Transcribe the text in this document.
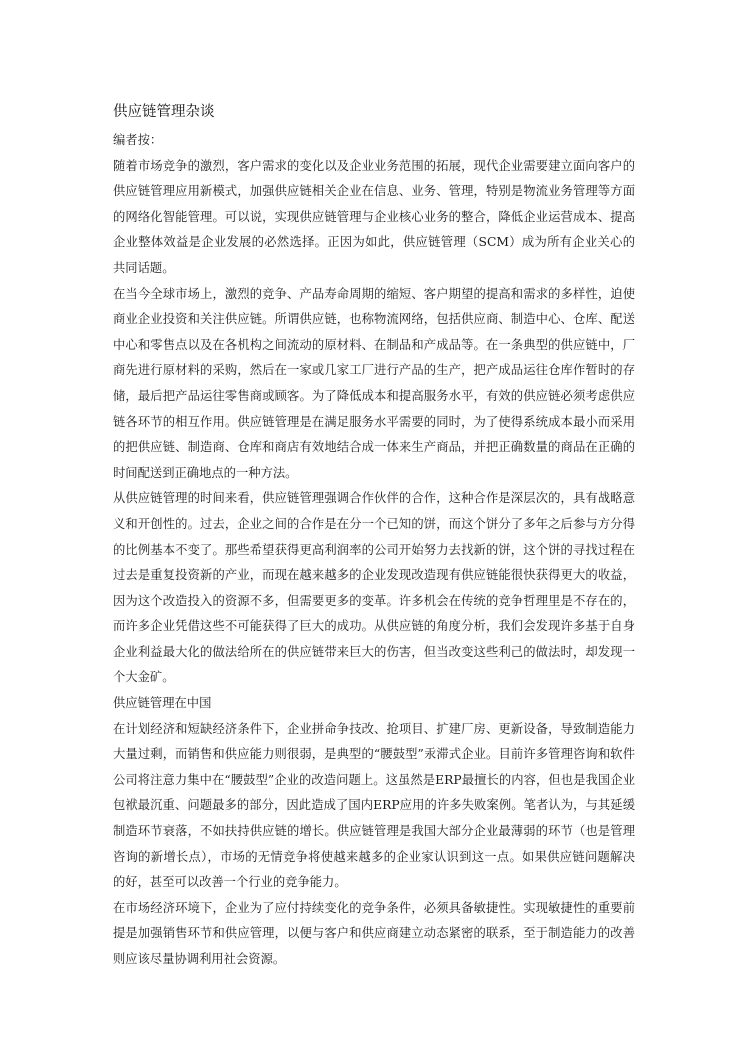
供应链管理杂谈

编者按：

随着市场竞争的激烈，客户需求的变化以及企业业务范围的拓展，现代企业需要建立面向客户的供应链管理应用新模式，加强供应链相关企业在信息、业务、管理，特别是物流业务管理等方面的网络化智能管理。可以说，实现供应链管理与企业核心业务的整合，降低企业运营成本、提高企业整体效益是企业发展的必然选择。正因为如此，供应链管理（SCM）成为所有企业关心的共同话题。

在当今全球市场上，激烈的竞争、产品寿命周期的缩短、客户期望的提高和需求的多样性，迫使商业企业投资和关注供应链。所谓供应链，也称物流网络，包括供应商、制造中心、仓库、配送中心和零售点以及在各机构之间流动的原材料、在制品和产成品等。在一条典型的供应链中，厂商先进行原材料的采购，然后在一家或几家工厂进行产品的生产，把产成品运往仓库作暂时的存储，最后把产品运往零售商或顾客。为了降低成本和提高服务水平，有效的供应链必须考虑供应链各环节的相互作用。供应链管理是在满足服务水平需要的同时，为了使得系统成本最小而采用的把供应链、制造商、仓库和商店有效地结合成一体来生产商品，并把正确数量的商品在正确的时间配送到正确地点的一种方法。

从供应链管理的时间来看，供应链管理强调合作伙伴的合作，这种合作是深层次的，具有战略意义和开创性的。过去，企业之间的合作是在分一个已知的饼，而这个饼分了多年之后参与方分得的比例基本不变了。那些希望获得更高利润率的公司开始努力去找新的饼，这个饼的寻找过程在过去是重复投资新的产业，而现在越来越多的企业发现改造现有供应链能很快获得更大的收益，因为这个改造投入的资源不多，但需要更多的变革。许多机会在传统的竞争哲理里是不存在的，而许多企业凭借这些不可能获得了巨大的成功。从供应链的角度分析，我们会发现许多基于自身企业利益最大化的做法给所在的供应链带来巨大的伤害，但当改变这些利己的做法时，却发现一个大金矿。

供应链管理在中国

在计划经济和短缺经济条件下，企业拼命争技改、抢项目、扩建厂房、更新设备，导致制造能力大量过剩，而销售和供应能力则很弱，是典型的“腰鼓型”汞滞式企业。目前许多管理咨询和软件公司将注意力集中在“腰鼓型”企业的改造问题上。这虽然是ERP最擅长的内容，但也是我国企业包袱最沉重、问题最多的部分，因此造成了国内ERP应用的许多失败案例。笔者认为，与其延缓制造环节衰落，不如扶持供应链的增长。供应链管理是我国大部分企业最薄弱的环节（也是管理咨询的新增长点），市场的无情竞争将使越来越多的企业家认识到这一点。如果供应链问题解决的好，甚至可以改善一个行业的竞争能力。

在市场经济环境下，企业为了应付持续变化的竞争条件，必须具备敏捷性。实现敏捷性的重要前提是加强销售环节和供应管理，以便与客户和供应商建立动态紧密的联系，至于制造能力的改善则应该尽量协调利用社会资源。
